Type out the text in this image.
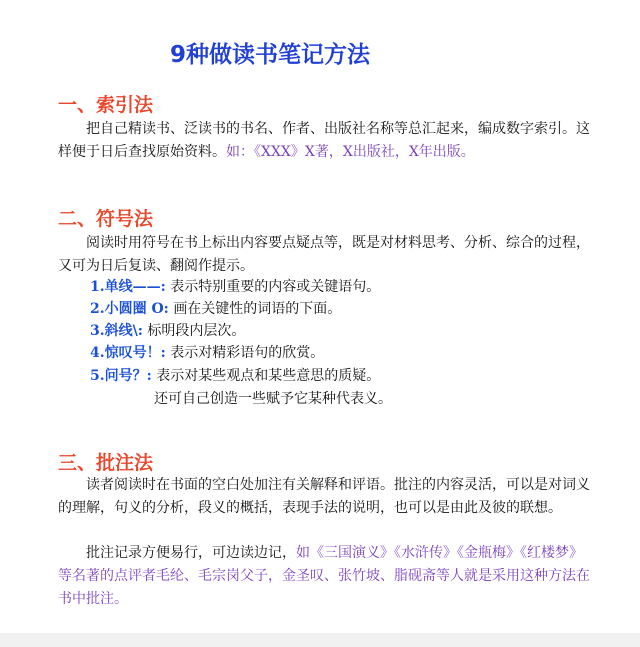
9种做读书笔记方法
一、索引法
把自己精读书、泛读书的书名、作者、出版社名称等总汇起来，编成数字索引。这样便于日后查找原始资料。如：《XXX》X著，X出版社，X年出版。
二、符号法
阅读时用符号在书上标出内容要点疑点等，既是对材料思考、分析、综合的过程，又可为日后复读、翻阅作提示。
1.单线——: 表示特别重要的内容或关键语句。
2.小圆圈 O: 画在关键性的词语的下面。
3.斜线\: 标明段内层次。
4.惊叹号！: 表示对精彩语句的欣赏。
5.问号？: 表示对某些观点和某些意思的质疑。
还可自己创造一些赋予它某种代表义。
三、批注法
读者阅读时在书面的空白处加注有关解释和评语。批注的内容灵活，可以是对词义的理解，句义的分析，段义的概括，表现手法的说明，也可以是由此及彼的联想。
批注记录方便易行，可边读边记，如《三国演义》《水浒传》《金瓶梅》《红楼梦》等名著的点评者毛纶、毛宗岗父子，金圣叹、张竹坡、脂砚斋等人就是采用这种方法在书中批注。
